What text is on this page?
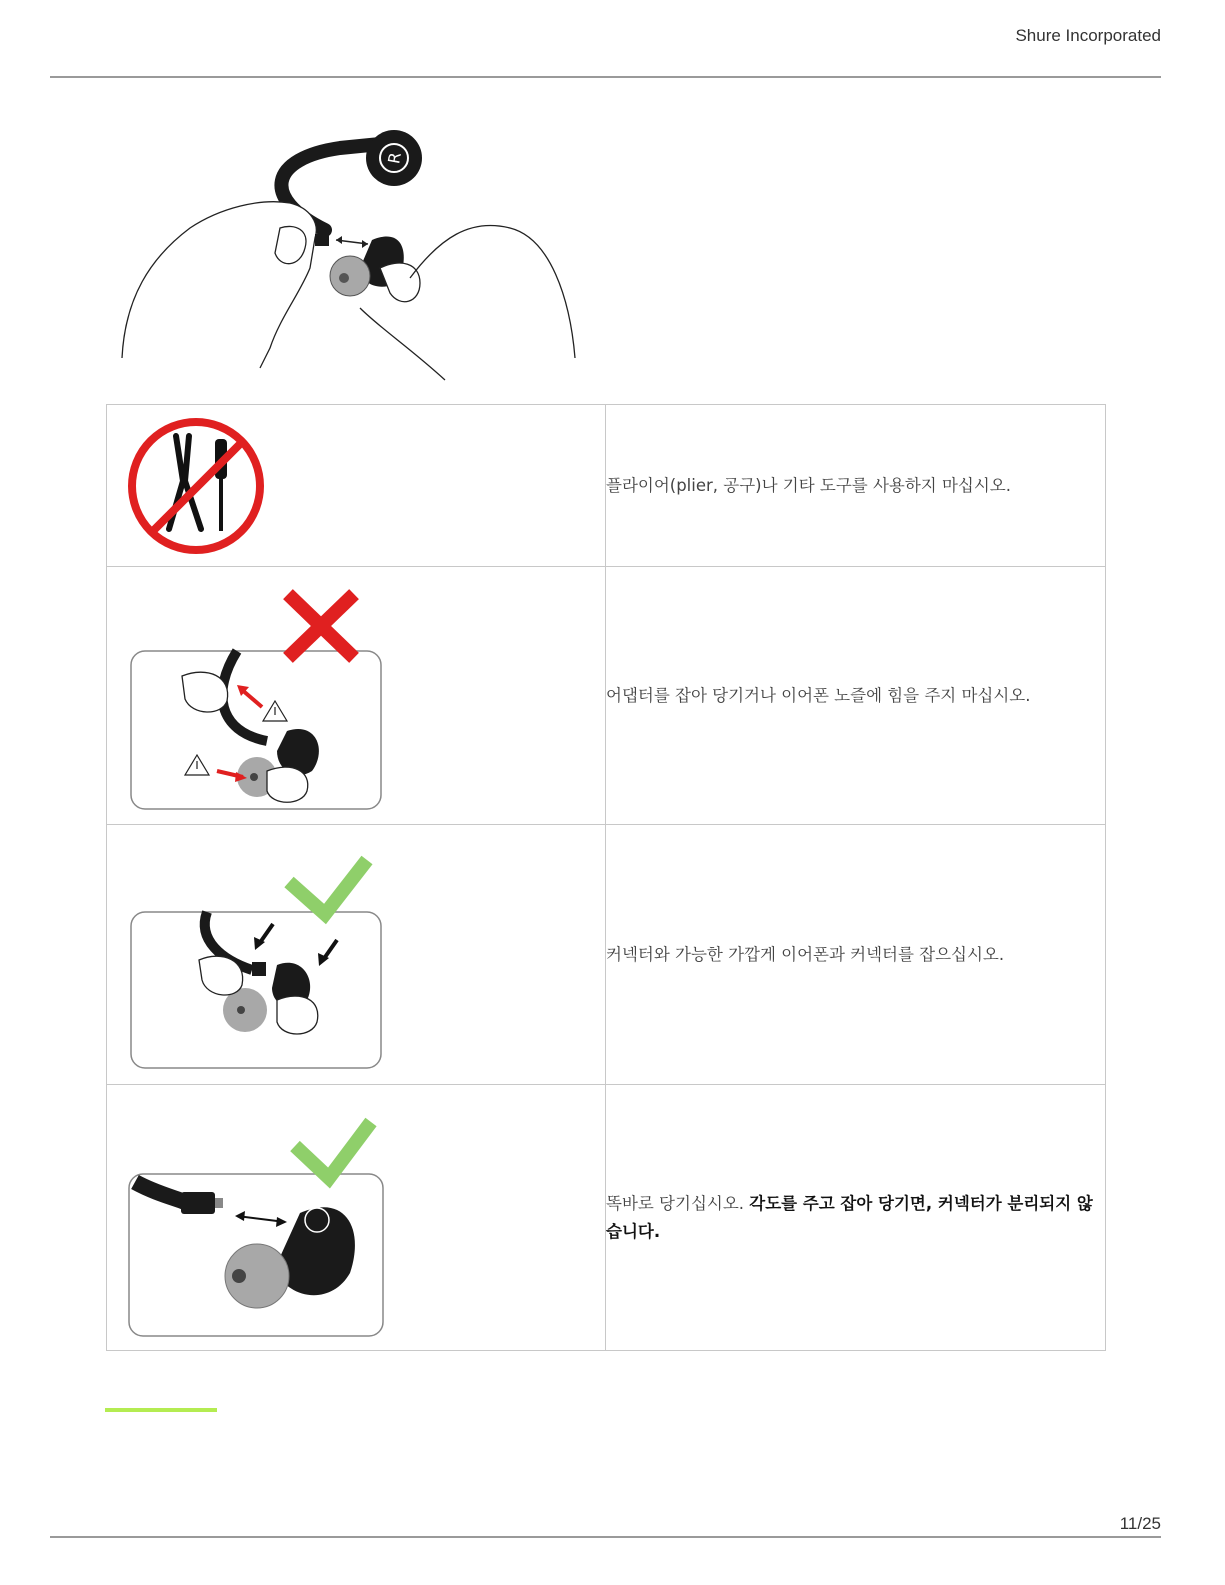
Shure Incorporated
R
	플라이어(plier, 공구)나 기타 도구를 사용하지 마십시오.

	어댑터를 잡아 당기거나 이어폰 노즐에 힘을 주지 마십시오.

	커넥터와 가능한 가깝게 이어폰과 커넥터를 잡으십시오.

	똑바로 당기십시오. 각도를 주고 잡아 당기면, 커넥터가 분리되지 않습니다.
11/25
